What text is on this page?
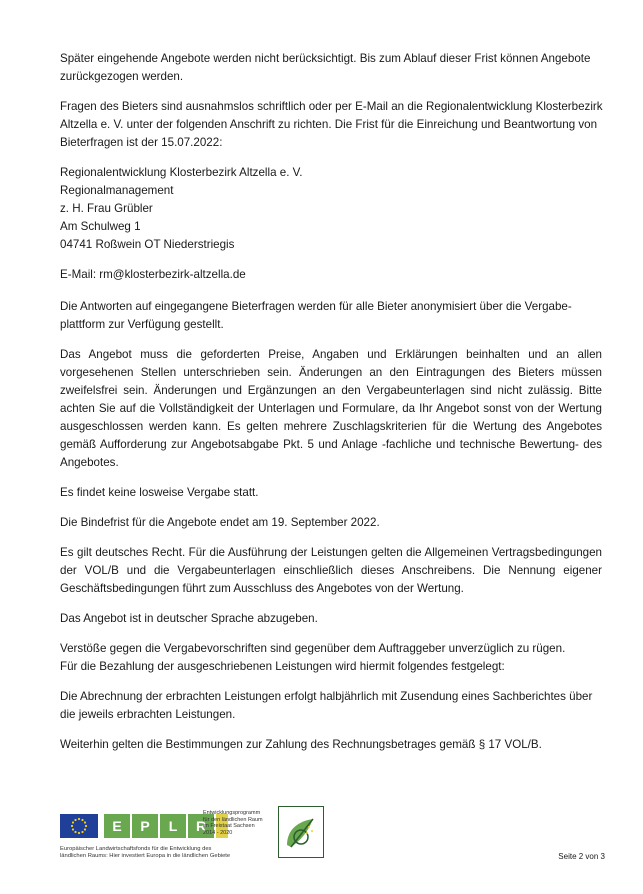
Später eingehende Angebote werden nicht berücksichtigt. Bis zum Ablauf dieser Frist können Angebote
zurückgezogen werden.
Fragen des Bieters sind ausnahmslos schriftlich oder per E-Mail an die Regionalentwicklung Klosterbezirk
Altzella e. V. unter der folgenden Anschrift zu richten. Die Frist für die Einreichung und Beantwortung von
Bieterfragen ist der 15.07.2022:
Regionalentwicklung Klosterbezirk Altzella e. V.
Regionalmanagement
z. H. Frau Grübler
Am Schulweg 1
04741 Roßwein OT Niederstriegis
E-Mail: rm@klosterbezirk-altzella.de
Die Antworten auf eingegangene Bieterfragen werden für alle Bieter anonymisiert über die Vergabe-
plattform zur Verfügung gestellt.
Das Angebot muss die geforderten Preise, Angaben und Erklärungen beinhalten und an allen vorgesehenen Stellen unterschrieben sein. Änderungen an den Eintragungen des Bieters müssen zweifelsfrei sein. Änderungen und Ergänzungen an den Vergabeunterlagen sind nicht zulässig. Bitte achten Sie auf die Vollständigkeit der Unterlagen und Formulare, da Ihr Angebot sonst von der Wertung ausgeschlossen werden kann. Es gelten mehrere Zuschlagskriterien für die Wertung des Angebotes gemäß Aufforderung zur Angebotsabgabe Pkt. 5 und Anlage -fachliche und technische Bewertung- des Angebotes.
Es findet keine losweise Vergabe statt.
Die Bindefrist für die Angebote endet am 19. September 2022.
Es gilt deutsches Recht. Für die Ausführung der Leistungen gelten die Allgemeinen Vertragsbedingungen der VOL/B und die Vergabeunterlagen einschließlich dieses Anschreibens. Die Nennung eigener Geschäftsbedingungen führt zum Ausschluss des Angebotes von der Wertung.
Das Angebot ist in deutscher Sprache abzugeben.
Verstöße gegen die Vergabevorschriften sind gegenüber dem Auftraggeber unverzüglich zu rügen.
Für die Bezahlung der ausgeschriebenen Leistungen wird hiermit folgendes festgelegt:
Die Abrechnung der erbrachten Leistungen erfolgt halbjährlich mit Zusendung eines Sachberichtes über die jeweils erbrachten Leistungen.
Weiterhin gelten die Bestimmungen zur Zahlung des Rechnungsbetrages gemäß § 17 VOL/B.
E	P	L	R
Entwicklungsprogramm
für den ländlichen Raum
im Freistaat Sachsen
2014 - 2020
Europäischer Landwirtschaftsfonds für die Entwicklung des
ländlichen Raums: Hier investiert Europa in die ländlichen Gebiete	Seite 2 von 3
